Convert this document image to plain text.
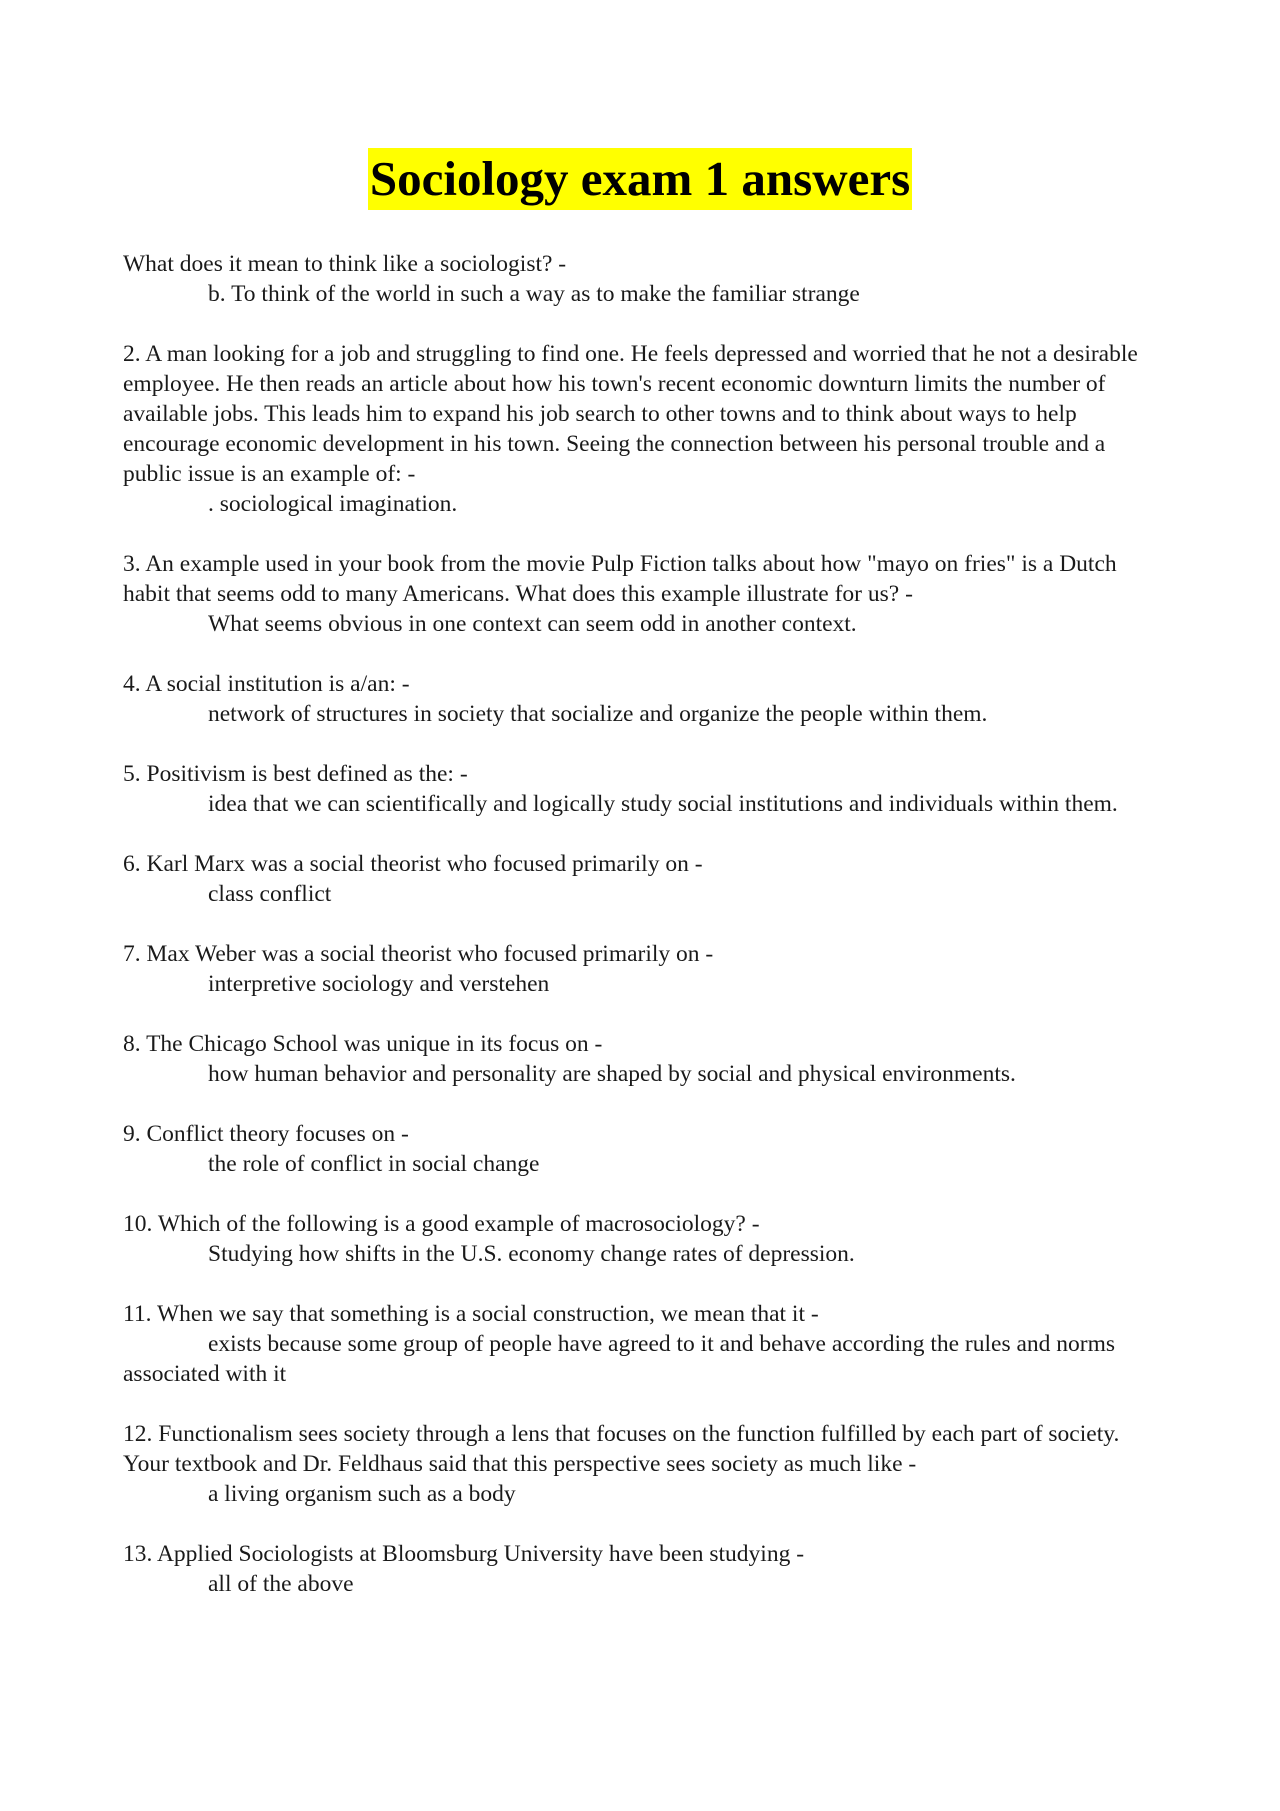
Sociology exam 1 answers

What does it mean to think like a sociologist? -

b. To think of the world in such a way as to make the familiar strange

2. A man looking for a job and struggling to find one. He feels depressed and worried that he not a desirable employee. He then reads an article about how his town's recent economic downturn limits the number of available jobs. This leads him to expand his job search to other towns and to think about ways to help encourage economic development in his town. Seeing the connection between his personal trouble and a public issue is an example of: -

. sociological imagination.

3. An example used in your book from the movie Pulp Fiction talks about how "mayo on fries" is a Dutch habit that seems odd to many Americans. What does this example illustrate for us? -

What seems obvious in one context can seem odd in another context.

4. A social institution is a/an: -

network of structures in society that socialize and organize the people within them.

5. Positivism is best defined as the: -

idea that we can scientifically and logically study social institutions and individuals within them.

6. Karl Marx was a social theorist who focused primarily on -

class conflict

7. Max Weber was a social theorist who focused primarily on -

interpretive sociology and verstehen

8. The Chicago School was unique in its focus on -

how human behavior and personality are shaped by social and physical environments.

9. Conflict theory focuses on -

the role of conflict in social change

10. Which of the following is a good example of macrosociology? -

Studying how shifts in the U.S. economy change rates of depression.

11. When we say that something is a social construction, we mean that it -

exists because some group of people have agreed to it and behave according the rules and norms associated with it

12. Functionalism sees society through a lens that focuses on the function fulfilled by each part of society. Your textbook and Dr. Feldhaus said that this perspective sees society as much like -

a living organism such as a body

13. Applied Sociologists at Bloomsburg University have been studying -

all of the above
